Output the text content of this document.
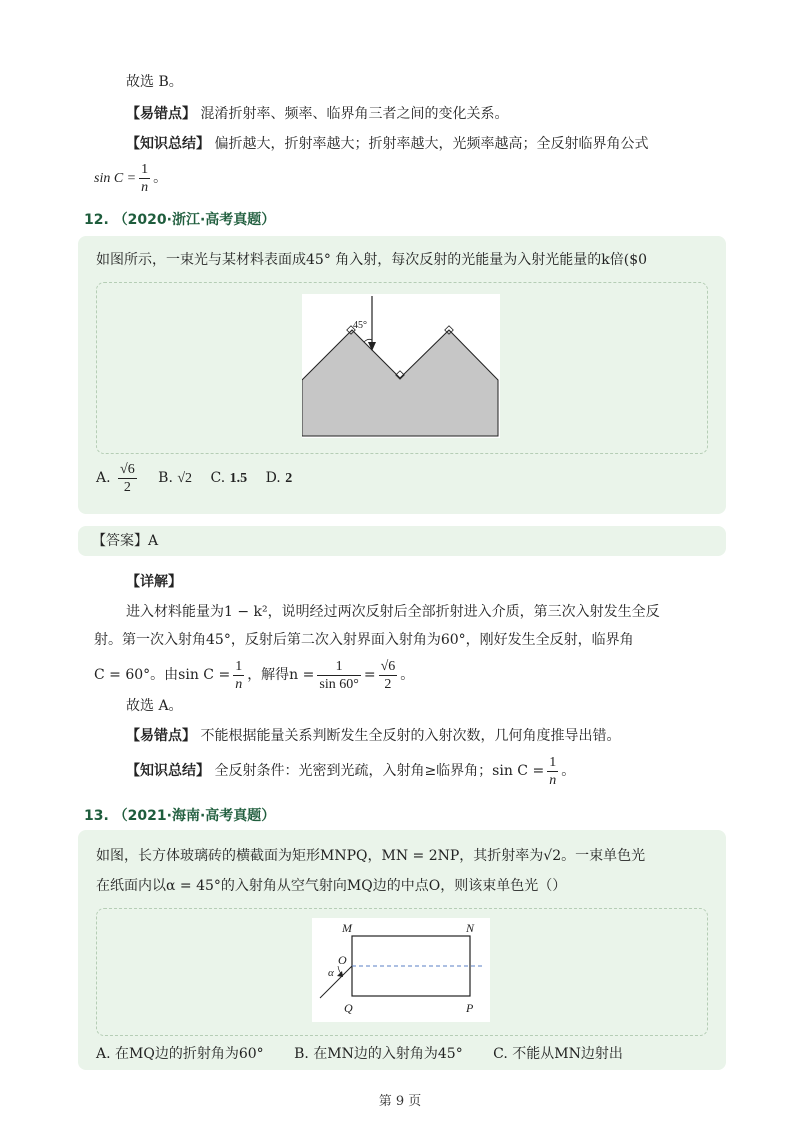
故选 B。
【易错点】 混淆折射率、频率、临界角三者之间的变化关系。
【知识总结】 偏折越大，折射率越大；折射率越大，光频率越高；全反射临界角公式
$\sin C = \frac{1}{n}$ 。
12. （2020·浙江·高考真题）
如图所示，一束光与某材料表面成45° 角入射，每次反射的光能量为入射光能量的k倍($0
45°
A. $\frac{√6}{2} B$. √2 C. 1.5 D. 2
【答案】A
【详解】
进入材料能量为1 − k²，说明经过两次反射后全部折射进入介质，第三次入射发生全反
射。第一次入射角45°，反射后第二次入射界面入射角为60°，刚好发生全反射，临界角
C = 60°。由$\sin C = \frac{1}{n}$ ，解得$n = \frac{1}{\sin 60^\circ} = \frac{√6}{2}$ 。
故选 A。
【易错点】 不能根据能量关系判断发生全反射的入射次数，几何角度推导出错。
【知识总结】 全反射条件：光密到光疏，入射角≥临界角；$\sin C = \frac{1}{n}$ 。
13. （2021·海南·高考真题）
如图，长方体玻璃砖的横截面为矩形MNPQ，MN = 2NP，其折射率为√2。一束单色光
在纸面内以α = 45°的入射角从空气射向MQ边的中点O，则该束单色光（）
M	N
O
α
Q	P
A. 在MQ边的折射角为60° B. 在MN边的入射角为45° C. 不能从MN边射出
第 9 页
